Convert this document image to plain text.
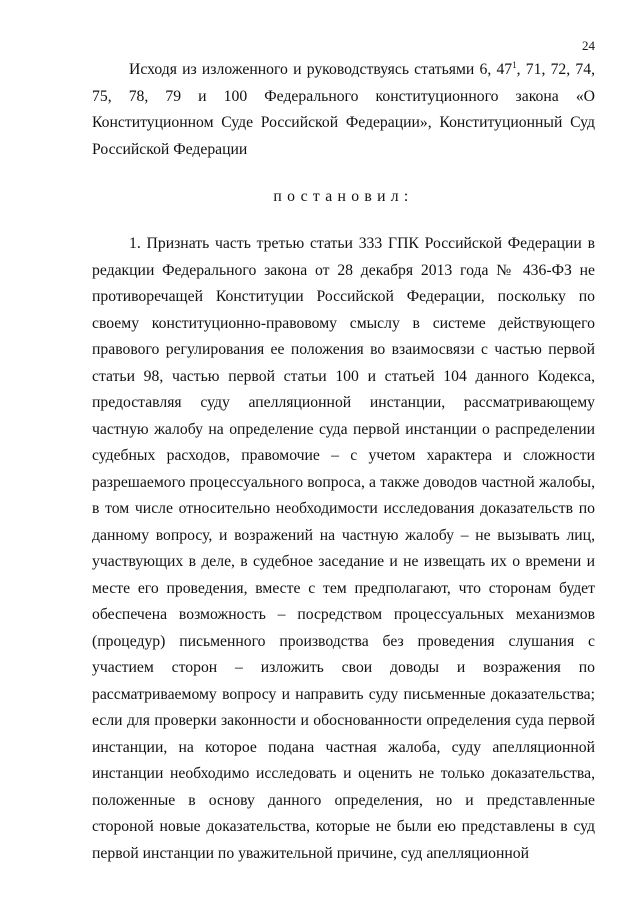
24

Исходя из изложенного и руководствуясь статьями 6, $47^1$, 71, 72, 74, 75, 78, 79 и 100 Федерального конституционного закона «О Конституционном Суде Российской Федерации», Конституционный Суд Российской Федерации

постановил:

1. Признать часть третью статьи 333 ГПК Российской Федерации в редакции Федерального закона от 28 декабря 2013 года № 436-ФЗ не противоречащей Конституции Российской Федерации, поскольку по своему конституционно-правовому смыслу в системе действующего правового регулирования ее положения во взаимосвязи с частью первой статьи 98, частью первой статьи 100 и статьей 104 данного Кодекса, предоставляя суду апелляционной инстанции, рассматривающему частную жалобу на определение суда первой инстанции о распределении судебных расходов, правомочие – с учетом характера и сложности разрешаемого процессуального вопроса, а также доводов частной жалобы, в том числе относительно необходимости исследования доказательств по данному вопросу, и возражений на частную жалобу – не вызывать лиц, участвующих в деле, в судебное заседание и не извещать их о времени и месте его проведения, вместе с тем предполагают, что сторонам будет обеспечена возможность – посредством процессуальных механизмов (процедур) письменного производства без проведения слушания с участием сторон – изложить свои доводы и возражения по рассматриваемому вопросу и направить суду письменные доказательства; если для проверки законности и обоснованности определения суда первой инстанции, на которое подана частная жалоба, суду апелляционной инстанции необходимо исследовать и оценить не только доказательства, положенные в основу данного определения, но и представленные стороной новые доказательства, которые не были ею представлены в суд первой инстанции по уважительной причине, суд апелляционной
